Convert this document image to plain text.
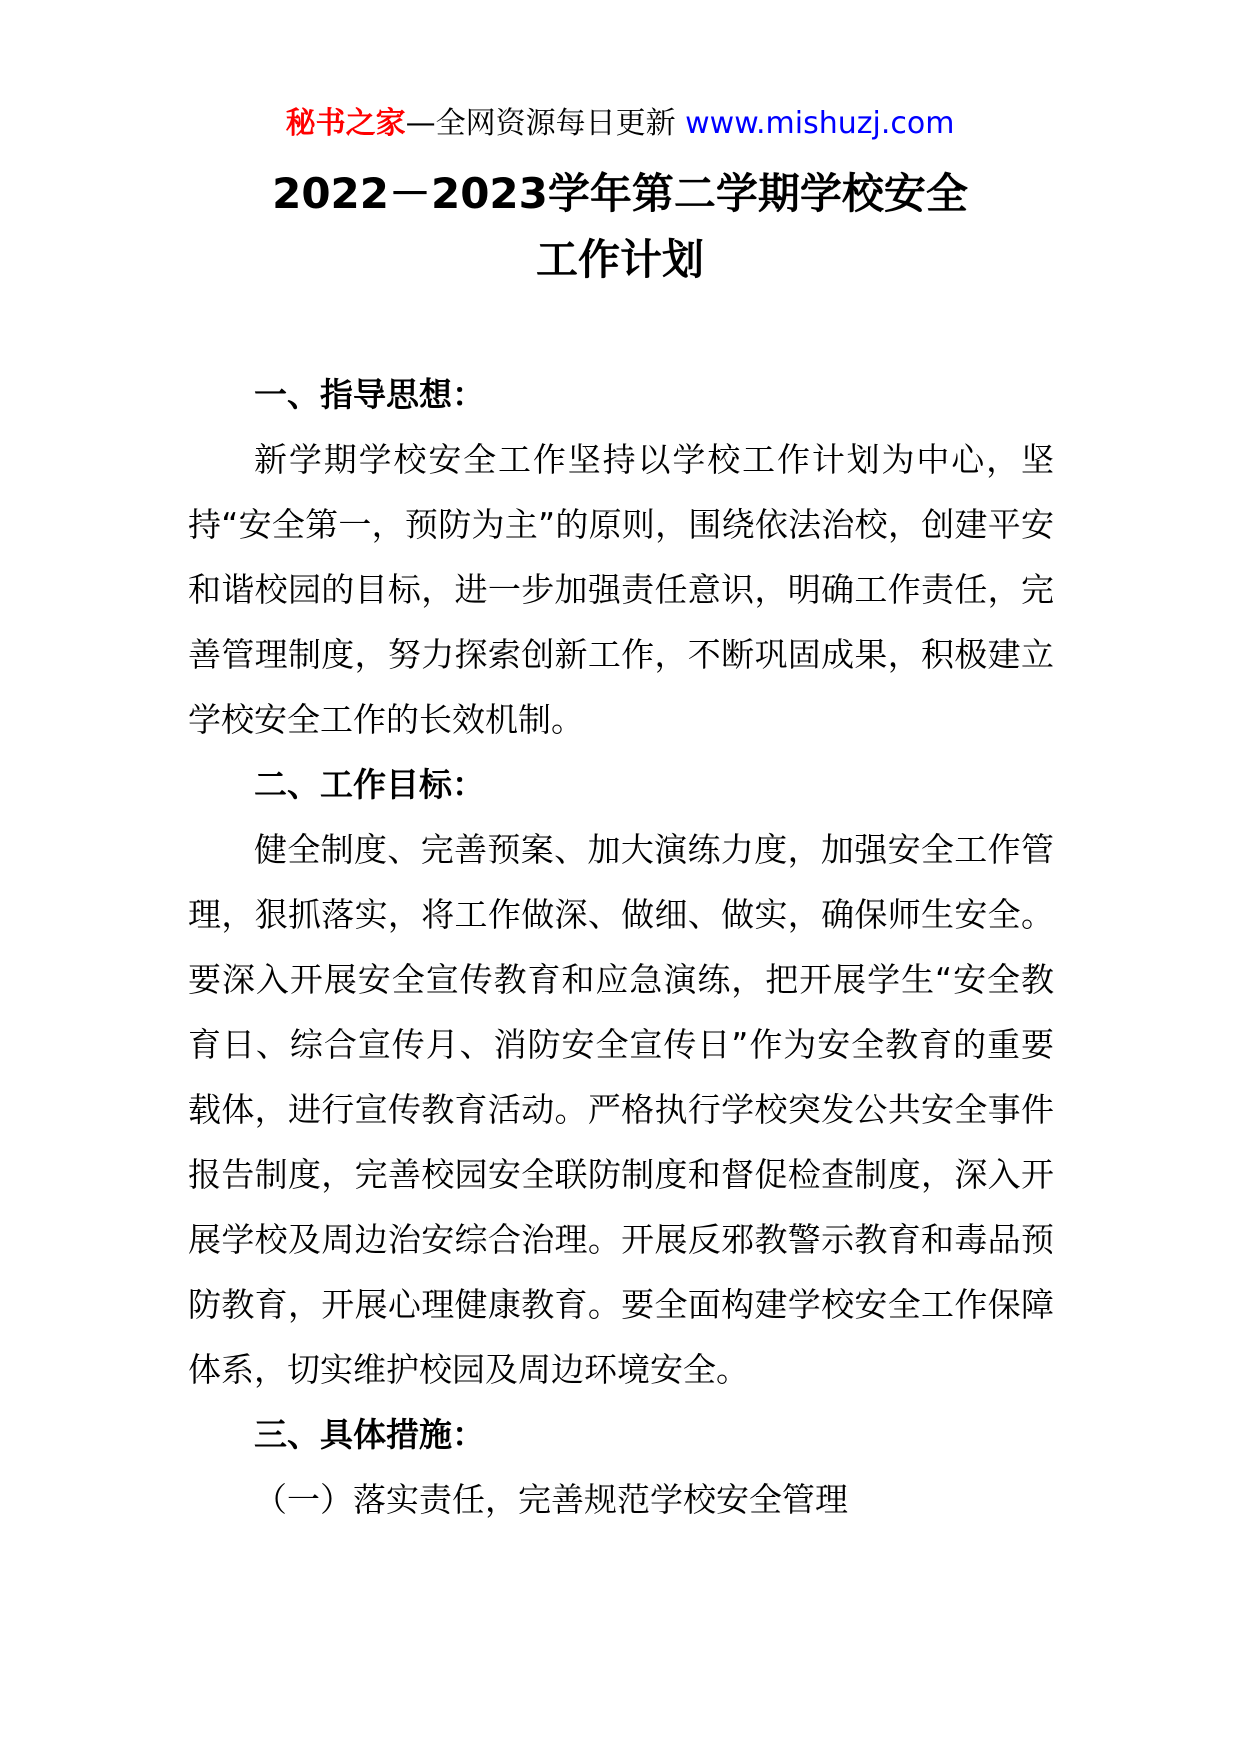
秘书之家—全网资源每日更新 www.mishuzj.com
2022－2023学年第二学期学校安全
工作计划

一、指导思想：

新学期学校安全工作坚持以学校工作计划为中心，坚持“安全第一，预防为主”的原则，围绕依法治校，创建平安和谐校园的目标，进一步加强责任意识，明确工作责任，完善管理制度，努力探索创新工作，不断巩固成果，积极建立学校安全工作的长效机制。

二、工作目标：

健全制度、完善预案、加大演练力度，加强安全工作管理，狠抓落实，将工作做深、做细、做实，确保师生安全。要深入开展安全宣传教育和应急演练，把开展学生“安全教育日、综合宣传月、消防安全宣传日”作为安全教育的重要载体，进行宣传教育活动。严格执行学校突发公共安全事件报告制度，完善校园安全联防制度和督促检查制度，深入开展学校及周边治安综合治理。开展反邪教警示教育和毒品预防教育，开展心理健康教育。要全面构建学校安全工作保障体系，切实维护校园及周边环境安全。

三、具体措施：

（一）落实责任，完善规范学校安全管理
